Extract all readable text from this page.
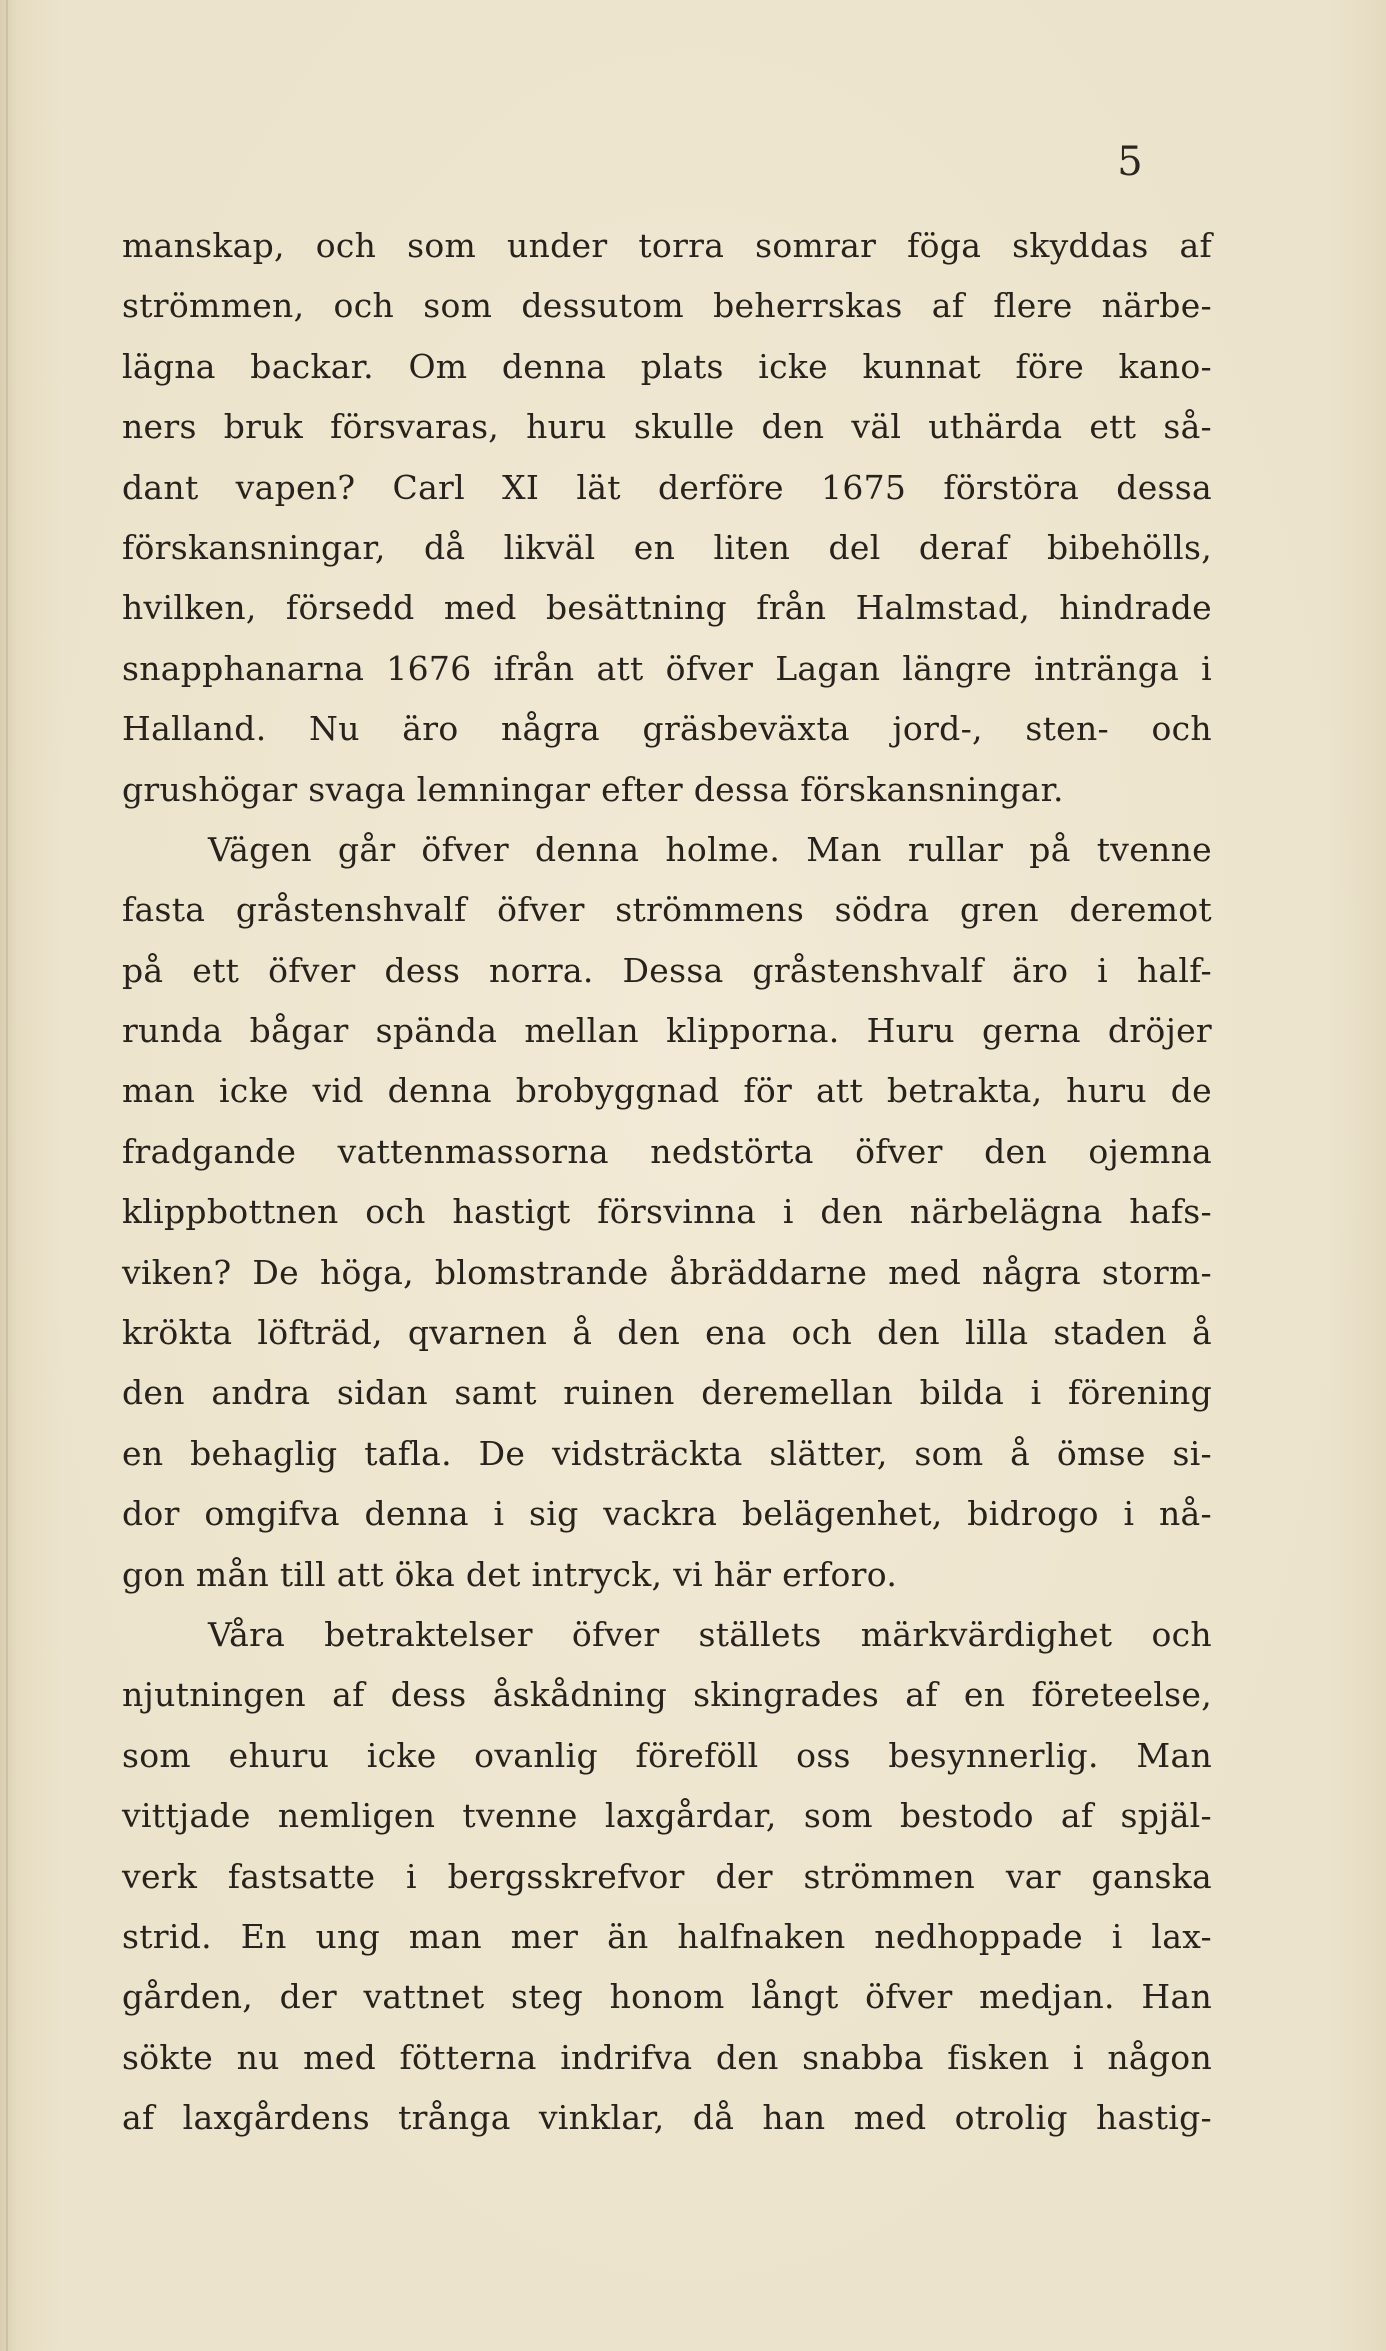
5
manskap, och som under torra somrar föga skyddas af
strömmen, och som dessutom beherrskas af flere närbe-
lägna backar. Om denna plats icke kunnat före kano-
ners bruk försvaras, huru skulle den väl uthärda ett så-
dant vapen? Carl XI lät derföre 1675 förstöra dessa
förskansningar, då likväl en liten del deraf bibehölls,
hvilken, försedd med besättning från Halmstad, hindrade
snapphanarna 1676 ifrån att öfver Lagan längre intränga i
Halland. Nu äro några gräsbeväxta jord-, sten- och
grushögar svaga lemningar efter dessa förskansningar.
Vägen går öfver denna holme. Man rullar på tvenne
fasta gråstenshvalf öfver strömmens södra gren deremot
på ett öfver dess norra. Dessa gråstenshvalf äro i half-
runda bågar spända mellan klipporna. Huru gerna dröjer
man icke vid denna brobyggnad för att betrakta, huru de
fradgande vattenmassorna nedstörta öfver den ojemna
klippbottnen och hastigt försvinna i den närbelägna hafs-
viken? De höga, blomstrande åbräddarne med några storm-
krökta löfträd, qvarnen å den ena och den lilla staden å
den andra sidan samt ruinen deremellan bilda i förening
en behaglig tafla. De vidsträckta slätter, som å ömse si-
dor omgifva denna i sig vackra belägenhet, bidrogo i nå-
gon mån till att öka det intryck, vi här erforo.
Våra betraktelser öfver ställets märkvärdighet och
njutningen af dess åskådning skingrades af en företeelse,
som ehuru icke ovanlig föreföll oss besynnerlig. Man
vittjade nemligen tvenne laxgårdar, som bestodo af spjäl-
verk fastsatte i bergsskrefvor der strömmen var ganska
strid. En ung man mer än halfnaken nedhoppade i lax-
gården, der vattnet steg honom långt öfver medjan. Han
sökte nu med fötterna indrifva den snabba fisken i någon
af laxgårdens trånga vinklar, då han med otrolig hastig-
